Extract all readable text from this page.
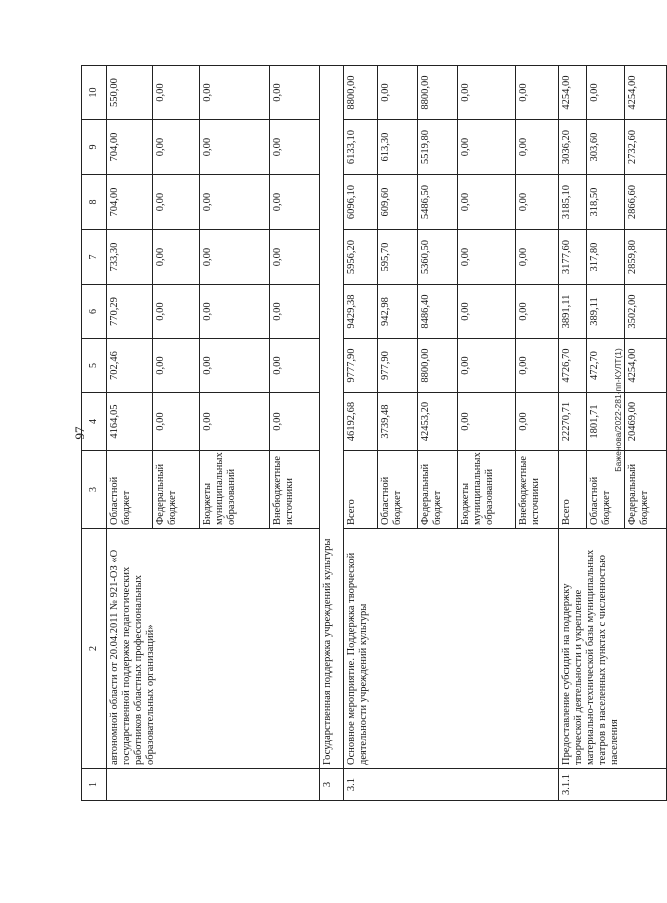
97	Баженова/2022-281-пп-КУЛТ(1)
1	2	3	4	5	6	7	8	9	10
	автономной области от 20.04.2011 № 921-ОЗ «О государственной поддержке педагогических работников областных профессиональных образовательных организаций»	Областной бюджет	4164,05	702,46	770,29	733,30	704,00	704,00	550,00
		Федеральный бюджет	0,00	0,00	0,00	0,00	0,00	0,00	0,00
		Бюджеты муниципальных образований	0,00	0,00	0,00	0,00	0,00	0,00	0,00
		Внебюджетные источники	0,00	0,00	0,00	0,00	0,00	0,00	0,00
3	Государственная поддержка учреждений культуры								
3.1	Основное мероприятие. Поддержка творческой деятельности учреждений культуры	Всего	46192,68	9777,90	9429,38	5956,20	6096,10	6133,10	8800,00
		Областной бюджет	3739,48	977,90	942,98	595,70	609,60	613,30	0,00
		Федеральный бюджет	42453,20	8800,00	8486,40	5360,50	5486,50	5519,80	8800,00
		Бюджеты муниципальных образований	0,00	0,00	0,00	0,00	0,00	0,00	0,00
		Внебюджетные источники	0,00	0,00	0,00	0,00	0,00	0,00	0,00
3.1.1	Предоставление субсидий на поддержку творческой деятельности и укрепление материально-технической базы муниципальных театров в населенных пунктах с численностью населения	Всего	22270,71	4726,70	3891,11	3177,60	3185,10	3036,20	4254,00
		Областной бюджет	1801,71	472,70	389,11	317,80	318,50	303,60	0,00
		Федеральный бюджет	20469,00	4254,00	3502,00	2859,80	2866,60	2732,60	4254,00
